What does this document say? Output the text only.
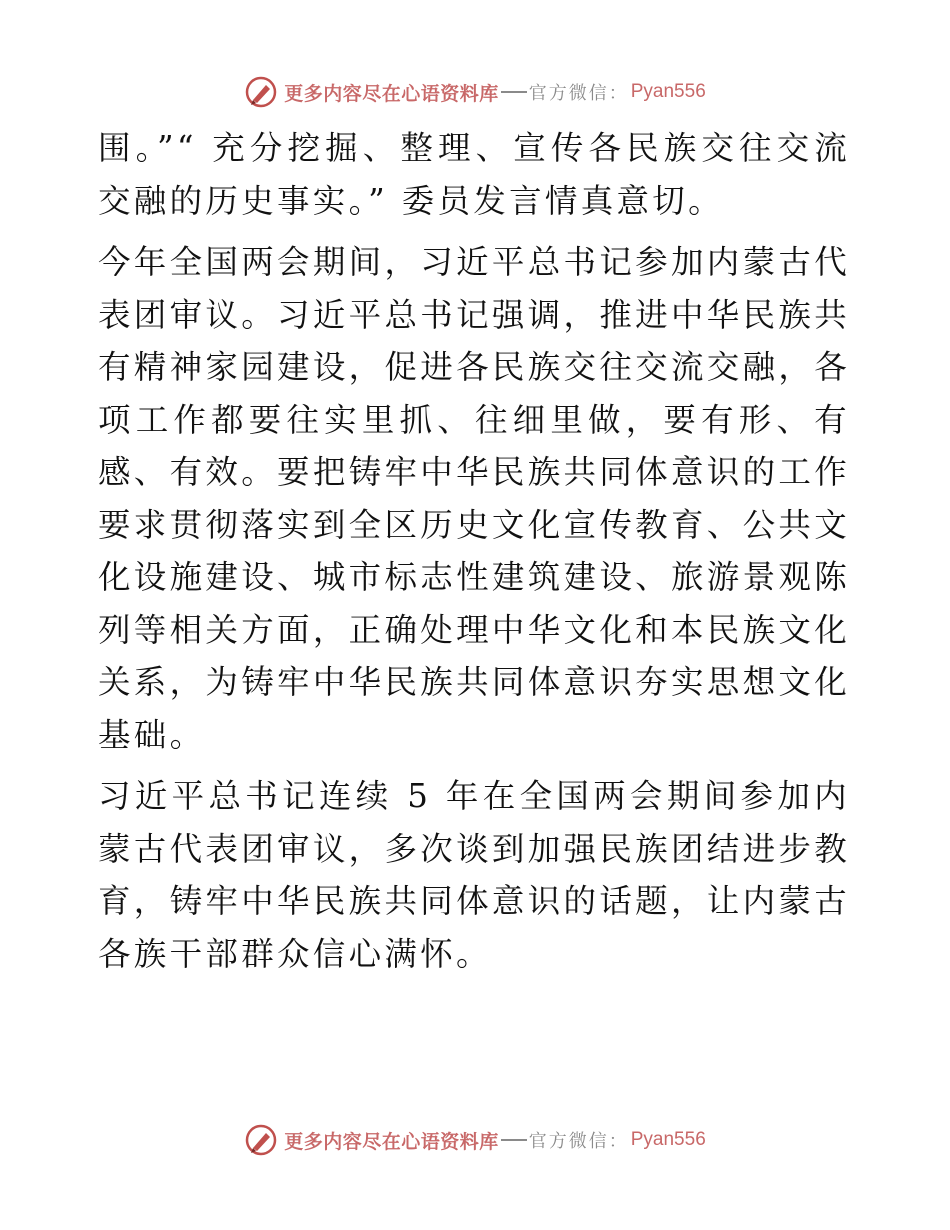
更多内容尽在心语资料库 官方微信： Pyan556

围。”“ 充分挖掘、整理、宣传各民族交往交流交融的历史事实。” 委员发言情真意切。

今年全国两会期间，习近平总书记参加内蒙古代表团审议。习近平总书记强调，推进中华民族共有精神家园建设，促进各民族交往交流交融，各项工作都要往实里抓、往细里做，要有形、有感、有效。要把铸牢中华民族共同体意识的工作要求贯彻落实到全区历史文化宣传教育、公共文化设施建设、城市标志性建筑建设、旅游景观陈列等相关方面，正确处理中华文化和本民族文化关系，为铸牢中华民族共同体意识夯实思想文化基础。

习近平总书记连续 5 年在全国两会期间参加内蒙古代表团审议，多次谈到加强民族团结进步教育，铸牢中华民族共同体意识的话题，让内蒙古各族干部群众信心满怀。

更多内容尽在心语资料库 官方微信： Pyan556
